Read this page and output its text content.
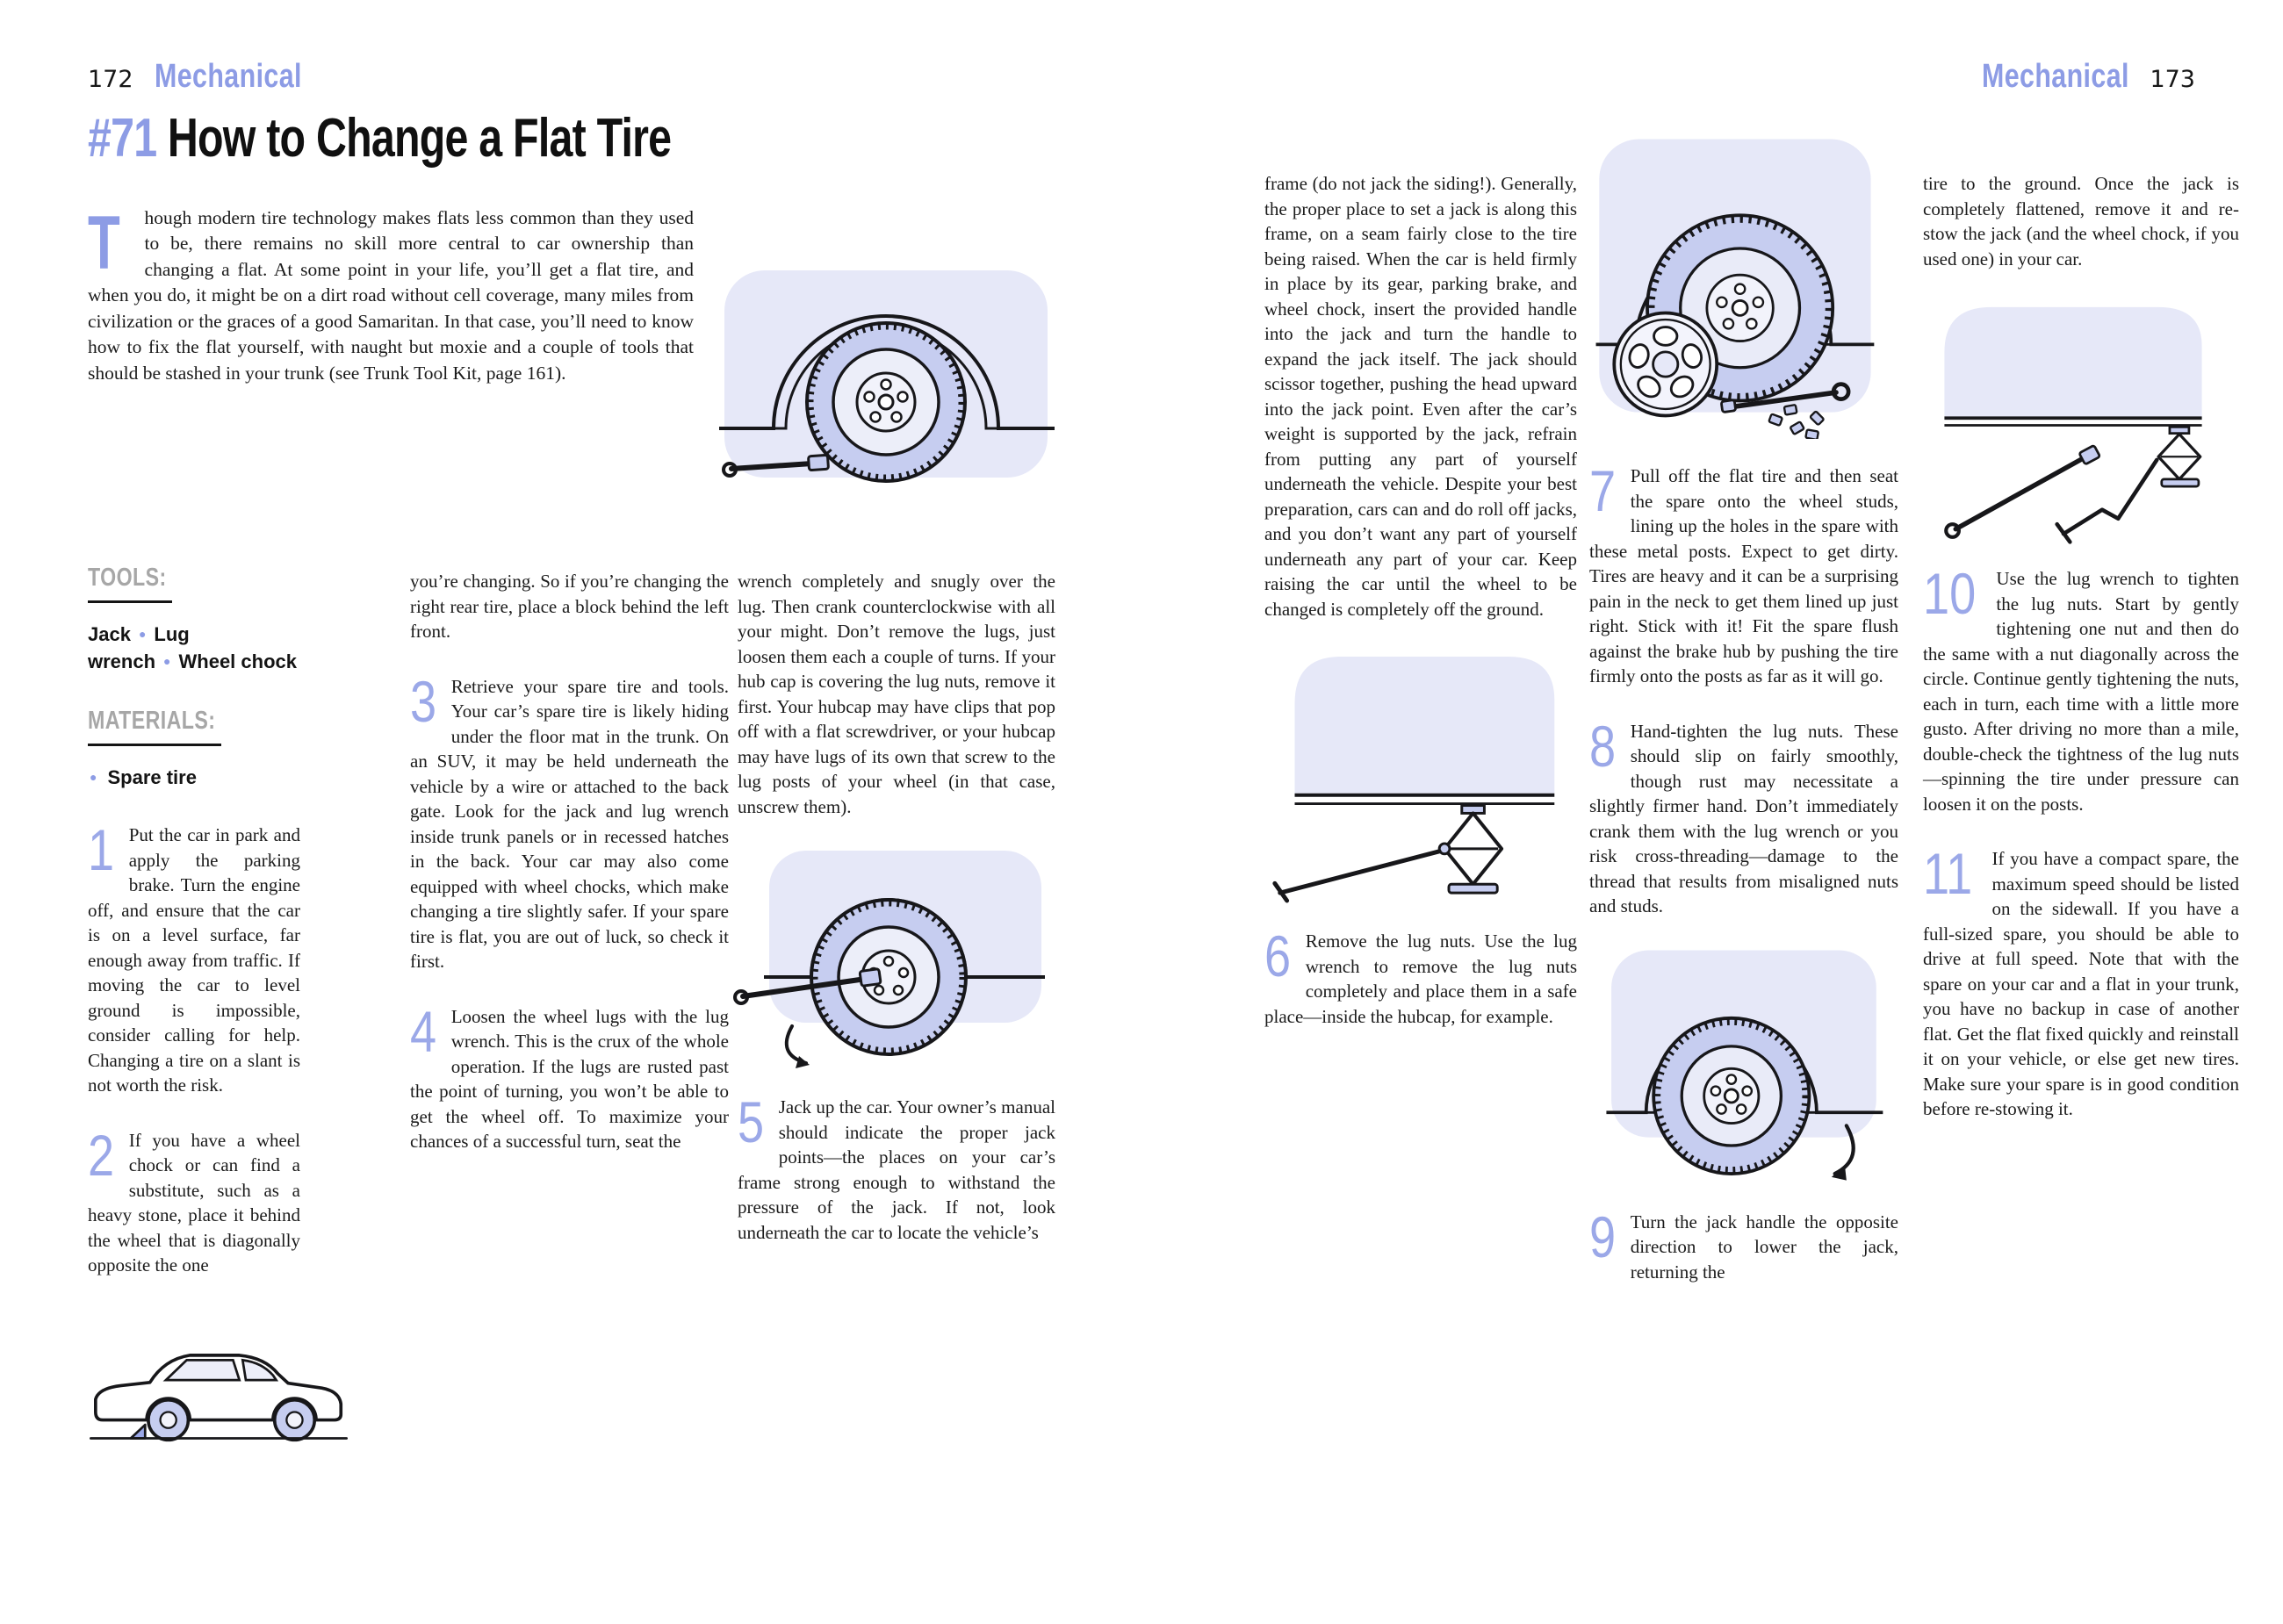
172 Mechanical
#71 How to Change a Flat Tire

T hough modern tire technology makes flats less common than they used to be, there remains no skill more central to car ownership than changing a flat. At some point in your life, you’ll get a flat tire, and when you do, it might be on a dirt road without cell coverage, many miles from civilization or the graces of a good Samaritan. In that case, you’ll need to know how to fix the flat yourself, with naught but moxie and a couple of tools that should be stashed in your trunk (see Trunk Tool Kit, page 161).

TOOLS:

Jack ● Lug wrench ● Wheel chock

MATERIALS:

● Spare tire

1 Put the car in park and apply the parking brake. Turn the engine off, and ensure that the car is on a level surface, far enough away from traffic. If moving the car to level ground is impossible, consider calling for help. Changing a tire on a slant is not worth the risk.

2 If you have a wheel chock or can find a substitute, such as a heavy stone, place it behind the wheel that is diagonally opposite the one

you’re changing. So if you’re changing the right rear tire, place a block behind the left front.

3 Retrieve your spare tire and tools. Your car’s spare tire is likely hiding under the floor mat in the trunk. On an SUV, it may be held underneath the vehicle by a wire or attached to the back gate. Look for the jack and lug wrench inside trunk panels or in recessed hatches in the back. Your car may also come equipped with wheel chocks, which make changing a tire slightly safer. If your spare tire is flat, you are out of luck, so check it first.

4 Loosen the wheel lugs with the lug wrench. This is the crux of the whole operation. If the lugs are rusted past the point of turning, you won’t be able to get the wheel off. To maximize your chances of a successful turn, seat the

wrench completely and snugly over the lug. Then crank counterclockwise with all your might. Don’t remove the lugs, just loosen them each a couple of turns. If your hub cap is covering the lug nuts, remove it first. Your hubcap may have clips that pop off with a flat screwdriver, or your hubcap may have lugs of its own that screw to the lug posts of your wheel (in that case, unscrew them).

5 Jack up the car. Your owner’s manual should indicate the proper jack points—the places on your car’s frame strong enough to withstand the pressure of the jack. If not, look underneath the car to locate the vehicle’s

Mechanical 173

frame (do not jack the siding!). Generally, the proper place to set a jack is along this frame, on a seam fairly close to the tire being raised. When the car is held firmly in place by its gear, parking brake, and wheel chock, insert the provided handle into the jack and turn the handle to expand the jack itself. The jack should scissor together, pushing the head upward into the jack point. Even after the car’s weight is supported by the jack, refrain from putting any part of yourself underneath the vehicle. Despite your best preparation, cars can and do roll off jacks, and you don’t want any part of yourself underneath any part of your car. Keep raising the car until the wheel to be changed is completely off the ground.

6 Remove the lug nuts. Use the lug wrench to remove the lug nuts completely and place them in a safe place—inside the hubcap, for example.

7 Pull off the flat tire and then seat the spare onto the wheel studs, lining up the holes in the spare with these metal posts. Expect to get dirty. Tires are heavy and it can be a surprising pain in the neck to get them lined up just right. Stick with it! Fit the spare flush against the brake hub by pushing the tire firmly onto the posts as far as it will go.

8 Hand-tighten the lug nuts. These should slip on fairly smoothly, though rust may necessitate a slightly firmer hand. Don’t immediately crank them with the lug wrench or you risk cross-threading—damage to the thread that results from misaligned nuts and studs.

9 Turn the jack handle the opposite direction to lower the jack, returning the

tire to the ground. Once the jack is completely flattened, remove it and re-stow the jack (and the wheel chock, if you used one) in your car.

10	Use the lug wrench to tighten the lug nuts. Start by gently tightening one nut and then do the same with a nut diagonally across the circle. Continue gently tightening the nuts, each in turn, each time with a little more gusto. After driving no more than a mile, double-check the tightness of the lug nuts—spinning the tire under pressure can loosen it on the posts.

11	If you have a compact spare, the maximum speed should be listed on the sidewall. If you have a full-sized spare, you should be able to drive at full speed. Note that with the spare on your car and a flat in your trunk, you have no backup in case of another flat. Get the flat fixed quickly and reinstall it on your vehicle, or else get new tires. Make sure your spare is in good condition before re-stowing it.
